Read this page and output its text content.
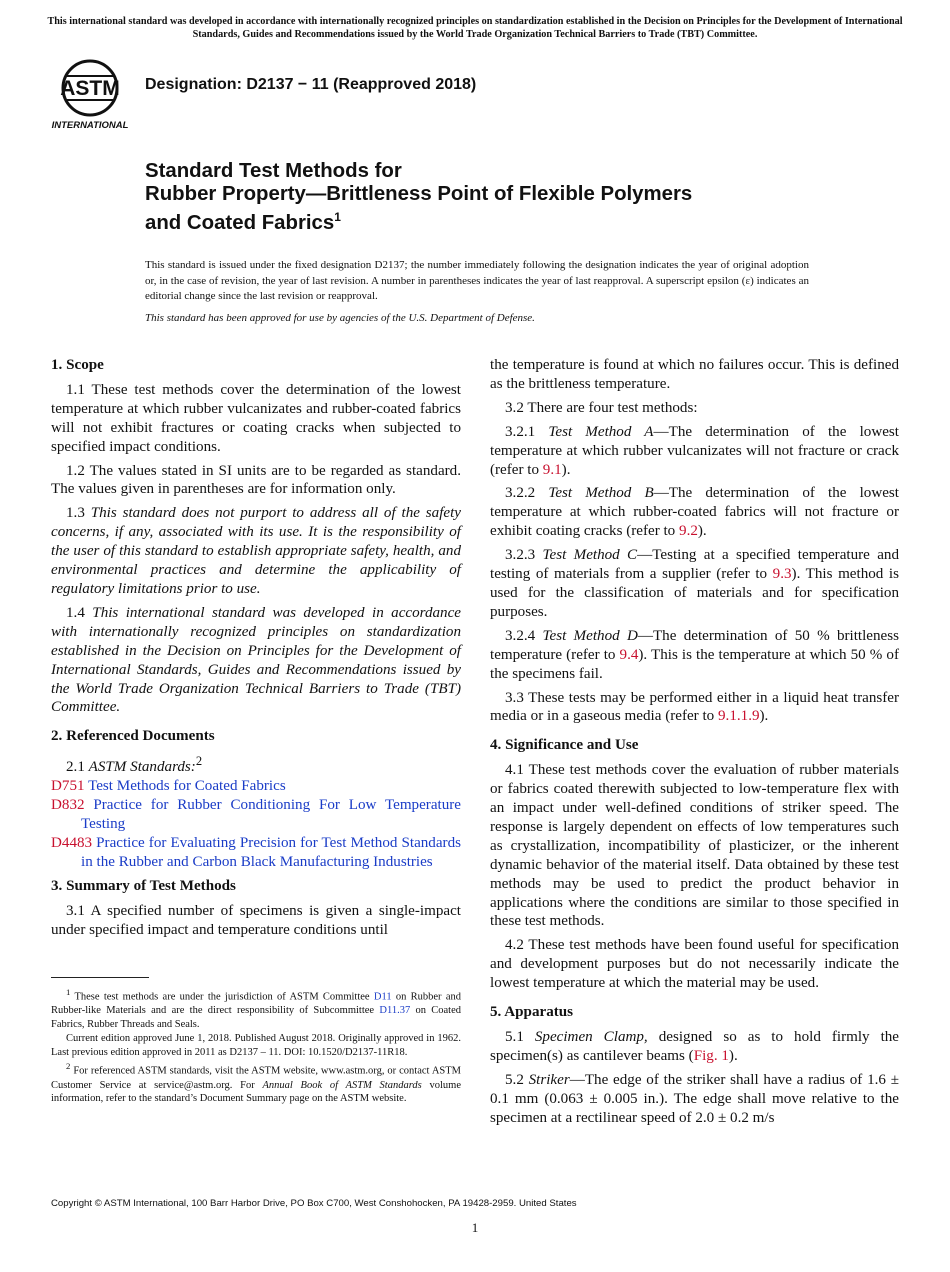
This international standard was developed in accordance with internationally recognized principles on standardization established in the Decision on Principles for the Development of International Standards, Guides and Recommendations issued by the World Trade Organization Technical Barriers to Trade (TBT) Committee.
ASTM
INTERNATIONAL
Designation: D2137 − 11 (Reapproved 2018)
Standard Test Methods for
Rubber Property—Brittleness Point of Flexible Polymers
and Coated Fabrics$^1$
This standard is issued under the fixed designation D2137; the number immediately following the designation indicates the year of original adoption or, in the case of revision, the year of last revision. A number in parentheses indicates the year of last reapproval. A superscript epsilon (ε) indicates an editorial change since the last revision or reapproval.
This standard has been approved for use by agencies of the U.S. Department of Defense.
1. Scope

1.1 These test methods cover the determination of the lowest temperature at which rubber vulcanizates and rubber-coated fabrics will not exhibit fractures or coating cracks when subjected to specified impact conditions.

1.2 The values stated in SI units are to be regarded as standard. The values given in parentheses are for information only.

1.3 This standard does not purport to address all of the safety concerns, if any, associated with its use. It is the responsibility of the user of this standard to establish appropriate safety, health, and environmental practices and determine the applicability of regulatory limitations prior to use.

1.4 This international standard was developed in accordance with internationally recognized principles on standardization established in the Decision on Principles for the Development of International Standards, Guides and Recommendations issued by the World Trade Organization Technical Barriers to Trade (TBT) Committee.

2. Referenced Documents

2.1 ASTM Standards:$^2$

D751 Test Methods for Coated Fabrics

D832 Practice for Rubber Conditioning For Low Temperature Testing

D4483 Practice for Evaluating Precision for Test Method Standards in the Rubber and Carbon Black Manufacturing Industries

3. Summary of Test Methods

3.1 A specified number of specimens is given a single-impact under specified impact and temperature conditions until

$^1$ These test methods are under the jurisdiction of ASTM Committee D11 on Rubber and Rubber-like Materials and are the direct responsibility of Subcommittee D11.37 on Coated Fabrics, Rubber Threads and Seals.

Current edition approved June 1, 2018. Published August 2018. Originally approved in 1962. Last previous edition approved in 2011 as D2137 – 11. DOI: 10.1520/D2137-11R18.

$^2$ For referenced ASTM standards, visit the ASTM website, www.astm.org, or contact ASTM Customer Service at service@astm.org. For Annual Book of ASTM Standards volume information, refer to the standard’s Document Summary page on the ASTM website.

the temperature is found at which no failures occur. This is defined as the brittleness temperature.

3.2 There are four test methods:

3.2.1 Test Method A—The determination of the lowest temperature at which rubber vulcanizates will not fracture or crack (refer to 9.1).

3.2.2 Test Method B—The determination of the lowest temperature at which rubber-coated fabrics will not fracture or exhibit coating cracks (refer to 9.2).

3.2.3 Test Method C—Testing at a specified temperature and testing of materials from a supplier (refer to 9.3). This method is used for the classification of materials and for specification purposes.

3.2.4 Test Method D—The determination of 50 % brittleness temperature (refer to 9.4). This is the temperature at which 50 % of the specimens fail.

3.3 These tests may be performed either in a liquid heat transfer media or in a gaseous media (refer to 9.1.1.9).

4. Significance and Use

4.1 These test methods cover the evaluation of rubber materials or fabrics coated therewith subjected to low-temperature flex with an impact under well-defined conditions of striker speed. The response is largely dependent on effects of low temperatures such as crystallization, incompatibility of plasticizer, or the inherent dynamic behavior of the material itself. Data obtained by these test methods may be used to predict the product behavior in applications where the conditions are similar to those specified in these test methods.

4.2 These test methods have been found useful for specification and development purposes but do not necessarily indicate the lowest temperature at which the material may be used.

5. Apparatus

5.1 Specimen Clamp, designed so as to hold firmly the specimen(s) as cantilever beams (Fig. 1).

5.2 Striker—The edge of the striker shall have a radius of 1.6 ± 0.1 mm (0.063 ± 0.005 in.). The edge shall move relative to the specimen at a rectilinear speed of 2.0 ± 0.2 m/s

Copyright © ASTM International, 100 Barr Harbor Drive, PO Box C700, West Conshohocken, PA 19428-2959. United States
1
